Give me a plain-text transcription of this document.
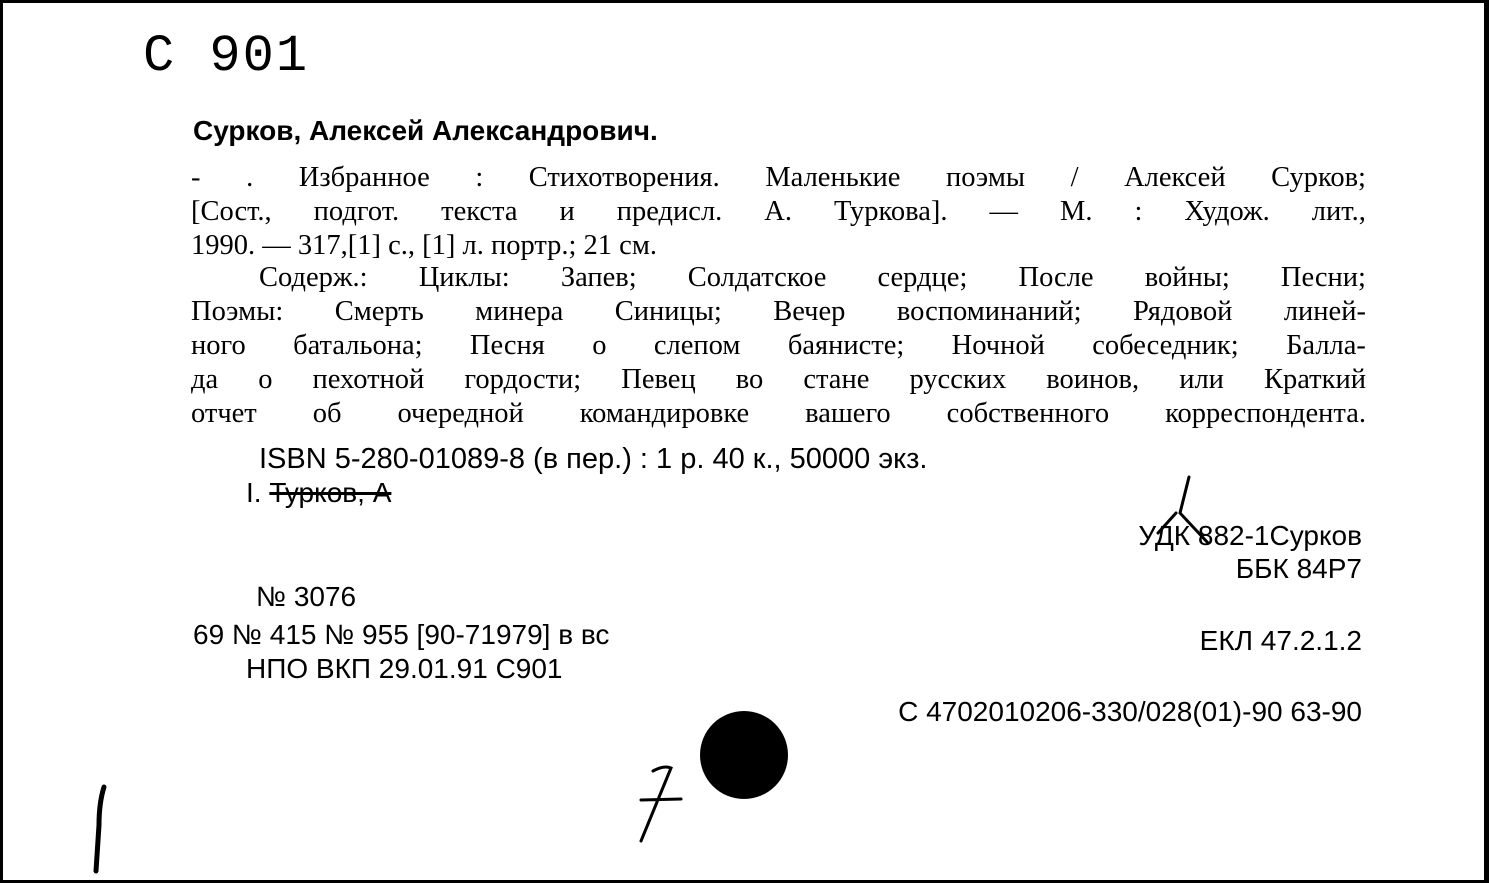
C 901
Сурков, Алексей Александрович.
- . Избранное : Стихотворения. Маленькие поэмы / Алексей Сурков;
[Сост., подгот. текста и предисл. А. Туркова]. — М. : Худож. лит.,
1990. — 317,[1] с., [1] л. портр.; 21 см.
Содерж.: Циклы: Запев; Солдатское сердце; После войны; Песни;
Поэмы: Смерть минера Синицы; Вечер воспоминаний; Рядовой линей-
ного батальона; Песня о слепом баянисте; Ночной собеседник; Балла-
да о пехотной гордости; Певец во стане русских воинов, или Краткий
отчет об очередной командировке вашего собственного корреспондента.
ISBN 5-280-01089-8 (в пер.) : 1 р. 40 к., 50000 экз.
I. Турков, А
УДК 882-1Сурков
ББК 84Р7
№ 3076
69 № 415 № 955 [90-71979] в вс	ЕКЛ 47.2.1.2
НПО ВКП 29.01.91 С901
С 4702010206-330/028(01)-90 63-90
